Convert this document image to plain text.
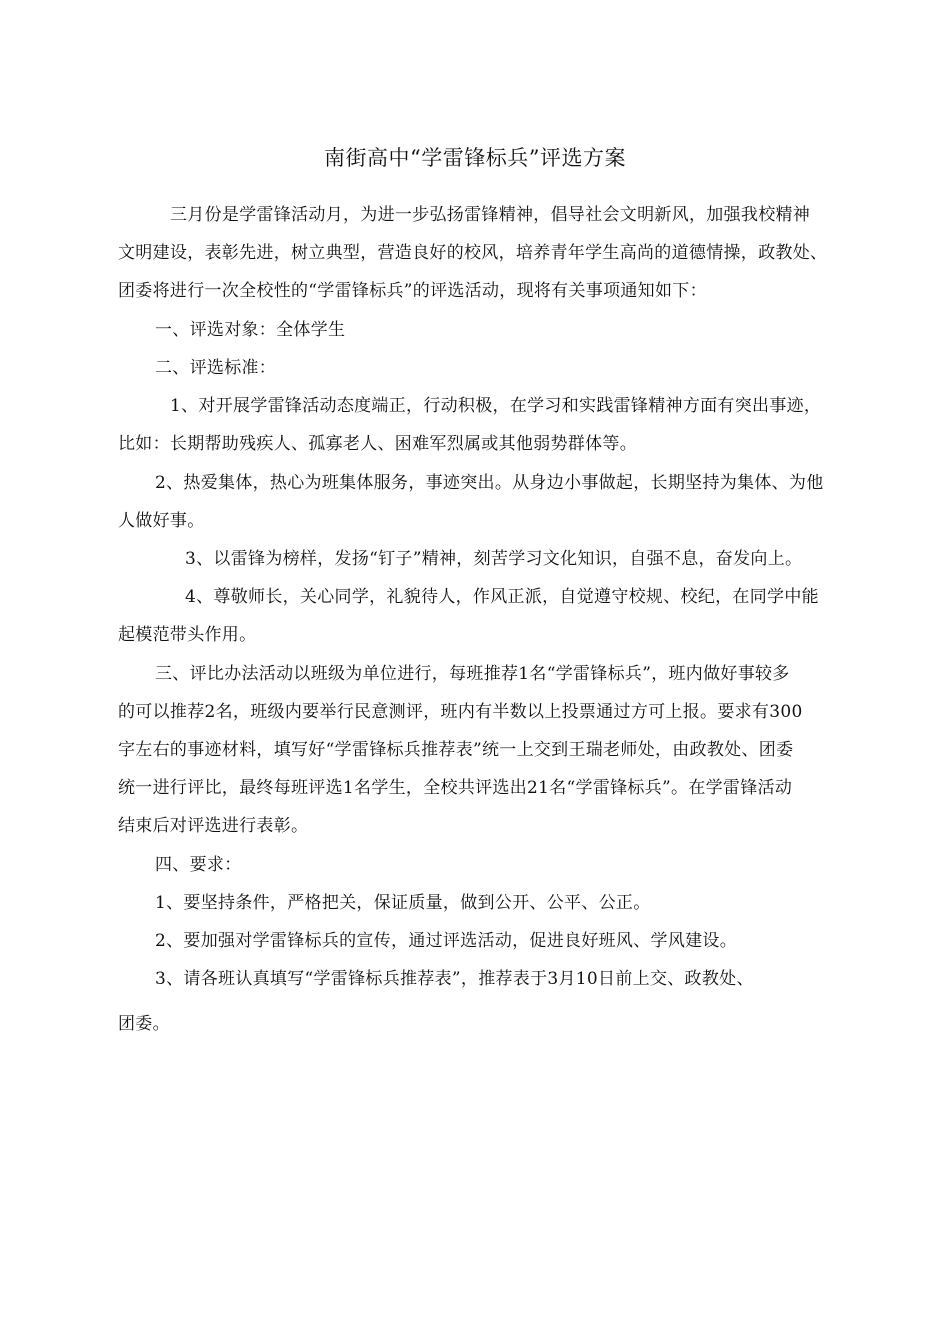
南街高中“学雷锋标兵”评选方案
三月份是学雷锋活动月，为进一步弘扬雷锋精神，倡导社会文明新风，加强我校精神
文明建设，表彰先进，树立典型，营造良好的校风，培养青年学生高尚的道德情操，政教处、
团委将进行一次全校性的“学雷锋标兵”的评选活动，现将有关事项通知如下：
一、评选对象：全体学生
二、评选标准：
1、对开展学雷锋活动态度端正，行动积极，在学习和实践雷锋精神方面有突出事迹，
比如：长期帮助残疾人、孤寡老人、困难军烈属或其他弱势群体等。
2、热爱集体，热心为班集体服务，事迹突出。从身边小事做起，长期坚持为集体、为他
人做好事。
3、以雷锋为榜样，发扬“钉子”精神，刻苦学习文化知识，自强不息，奋发向上。
4、尊敬师长，关心同学，礼貌待人，作风正派，自觉遵守校规、校纪，在同学中能
起模范带头作用。
三、评比办法活动以班级为单位进行，每班推荐1名“学雷锋标兵”，班内做好事较多
的可以推荐2名，班级内要举行民意测评，班内有半数以上投票通过方可上报。要求有300
字左右的事迹材料，填写好“学雷锋标兵推荐表”统一上交到王瑞老师处，由政教处、团委
统一进行评比，最终每班评选1名学生，全校共评选出21名“学雷锋标兵”。在学雷锋活动
结束后对评选进行表彰。
四、要求：
1、要坚持条件，严格把关，保证质量，做到公开、公平、公正。
2、要加强对学雷锋标兵的宣传，通过评选活动，促进良好班风、学风建设。
3、请各班认真填写“学雷锋标兵推荐表”，推荐表于3月10日前上交、政教处、
团委。
